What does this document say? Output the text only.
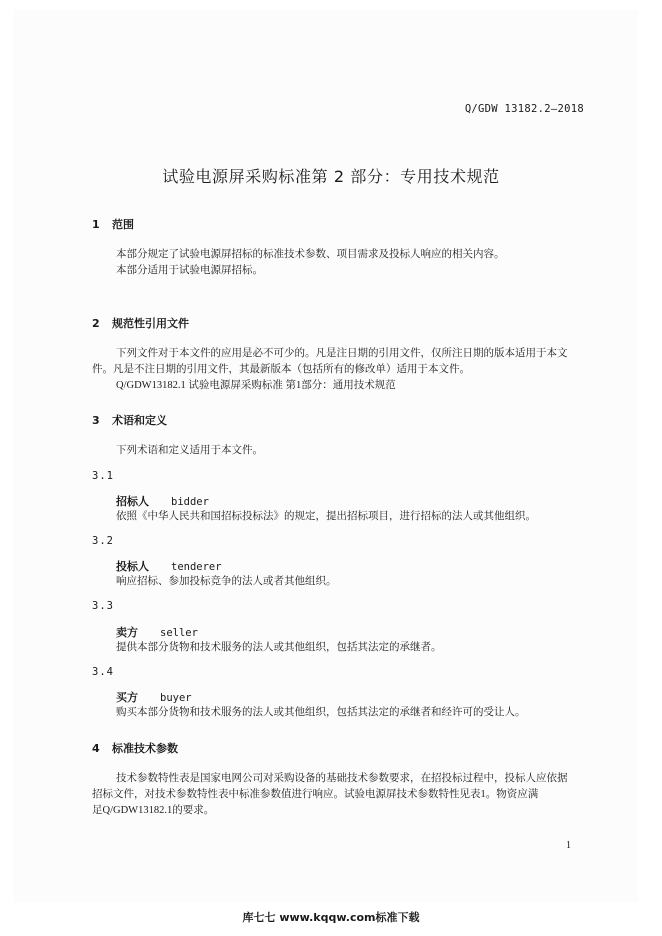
Q/GDW 13182.2—2018
试验电源屏采购标准第 2 部分：专用技术规范
1 范围
本部分规定了试验电源屏招标的标准技术参数、项目需求及投标人响应的相关内容。
本部分适用于试验电源屏招标。
2 规范性引用文件
下列文件对于本文件的应用是必不可少的。凡是注日期的引用文件，仅所注日期的版本适用于本文
件。凡是不注日期的引用文件，其最新版本（包括所有的修改单）适用于本文件。
Q/GDW13182.1 试验电源屏采购标准 第1部分：通用技术规范
3 术语和定义
下列术语和定义适用于本文件。
3.1
招标人 bidder
依照《中华人民共和国招标投标法》的规定，提出招标项目，进行招标的法人或其他组织。
3.2
投标人 tenderer
响应招标、参加投标竞争的法人或者其他组织。
3.3
卖方 seller
提供本部分货物和技术服务的法人或其他组织，包括其法定的承继者。
3.4
买方 buyer
购买本部分货物和技术服务的法人或其他组织，包括其法定的承继者和经许可的受让人。
4 标准技术参数
技术参数特性表是国家电网公司对采购设备的基础技术参数要求，在招投标过程中，投标人应依据
招标文件，对技术参数特性表中标准参数值进行响应。试验电源屏技术参数特性见表1。物资应满
足Q/GDW13182.1的要求。
1
库七七 www.kqqw.com标准下载
